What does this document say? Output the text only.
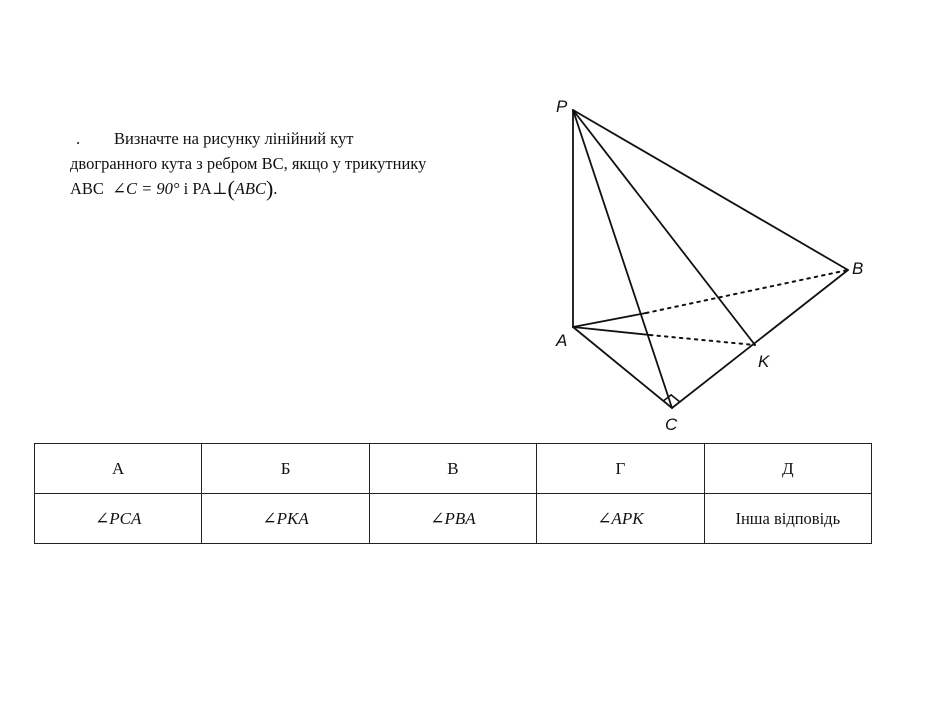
. Визначте на рисунку лінійний кут
двогранного кута з ребром ВС, якщо у трикутнику
АВС ∠C = 90° і PA⊥(ABC).
P
A
B
C
K
А	Б	В	Г	Д
∠PCA	∠PKA	∠PBA	∠APK	Інша відповідь
